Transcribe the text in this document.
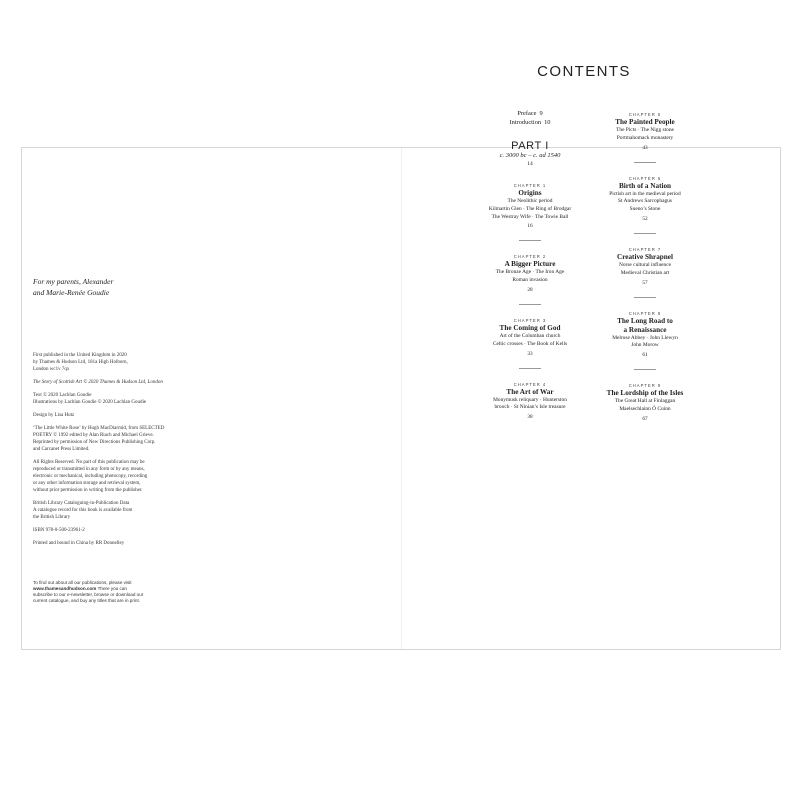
For my parents, Alexander
and Marie-Renée Goudie
First published in the United Kingdom in 2020
by Thames & Hudson Ltd, 181a High Holborn,
London wc1v 7qx
The Story of Scottish Art © 2020 Thames & Hudson Ltd, London
Text © 2020 Lachlan Goudie
Illustrations by Lachlan Goudie © 2020 Lachlan Goudie
Design by Lisa Hutz
‘The Little White Rose’ by Hugh MacDiarmid, from SELECTED
POETRY © 1992 edited by Alan Riach and Michael Grieve.
Reprinted by permission of New Directions Publishing Corp.
and Carcanet Press Limited.
All Rights Reserved. No part of this publication may be
reproduced or transmitted in any form or by any means,
electronic or mechanical, including photocopy, recording
or any other information storage and retrieval system,
without prior permission in writing from the publisher.
British Library Cataloguing-in-Publication Data
A catalogue record for this book is available from
the British Library
ISBN 978-0-500-23961-2
Printed and bound in China by RR Donnelley
To find out about all our publications, please visit
www.thamesandhudson.com There you can
subscribe to our e-newsletter, browse or download our
current catalogue, and buy any titles that are in print.
CONTENTS
Preface 9
Introduction 10
PART I
c. 3000 bc – c. ad 1540
14
CHAPTER 1
Origins
The Neolithic period
Kilmartin Glen · The Ring of Brodgar
The Westray Wife · The Towie Ball
16
CHAPTER 2
A Bigger Picture
The Bronze Age · The Iron Age
Roman invasion
28
CHAPTER 3
The Coming of God
Art of the Columban church
Celtic crosses · The Book of Kells
33
CHAPTER 4
The Art of War
Monymusk reliquary · Hunterston
brooch · St Ninian’s Isle treasure
38
CHAPTER 5
The Painted People
The Picts · The Nigg stone
Portmahomack monastery
43
CHAPTER 6
Birth of a Nation
Pictish art in the medieval period
St Andrews Sarcophagus
Sueno’s Stone
52
CHAPTER 7
Creative Shrapnel
Norse cultural influence
Medieval Christian art
57
CHAPTER 8
The Long Road to
a Renaissance
Melrose Abbey · John Llewyn
John Morow
61
CHAPTER 9
The Lordship of the Isles
The Great Hall at Finlaggan
Maelsechlainn Ó Cuinn
67
